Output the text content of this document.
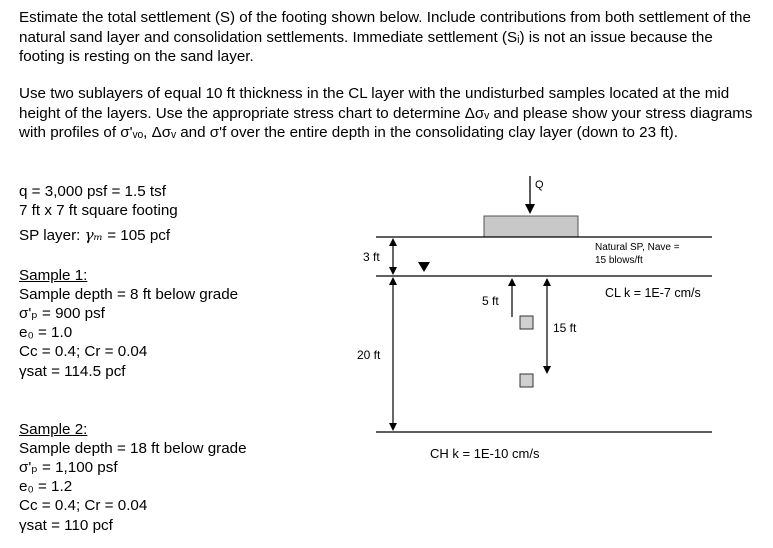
Estimate the total settlement (S) of the footing shown below. Include contributions from both settlement of the natural sand layer and consolidation settlements. Immediate settlement (Sᵢ) is not an issue because the footing is resting on the sand layer.

Use two sublayers of equal 10 ft thickness in the CL layer with the undisturbed samples located at the mid height of the layers. Use the appropriate stress chart to determine Δσᵥ and please show your stress diagrams with profiles of σ'ᵥₒ, Δσᵥ and σ'f over the entire depth in the consolidating clay layer (down to 23 ft).

q = 3,000 psf = 1.5 tsf
7 ft x 7 ft square footing
SP layer: γₘ = 105 pcf
Sample 1:
Sample depth = 8 ft below grade
σ'ₚ = 900 psf
e₀ = 1.0
Cc = 0.4; Cr = 0.04
γsat = 114.5 pcf
Sample 2:
Sample depth = 18 ft below grade
σ'ₚ = 1,100 psf
e₀ = 1.2
Cc = 0.4; Cr = 0.04
γsat = 110 pcf
Q
3 ft
20 ft
5 ft
15 ft
Natural SP, Nave =
15 blows/ft
CL k = 1E-7 cm/s
CH k = 1E-10 cm/s
